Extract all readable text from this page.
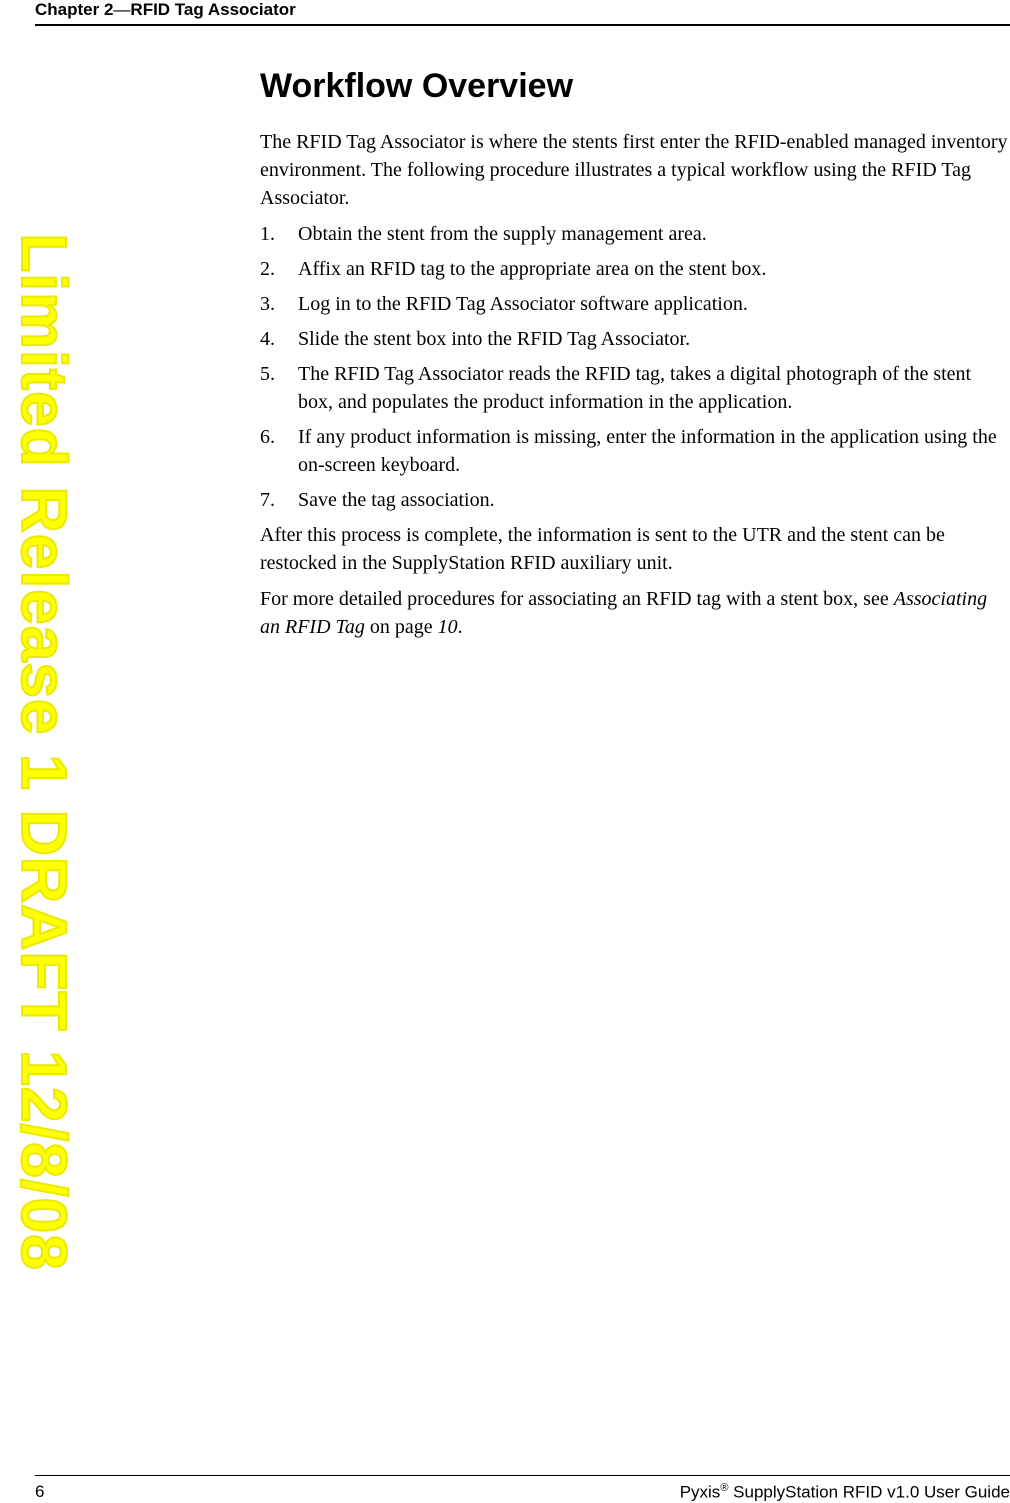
Chapter 2—RFID Tag Associator
Limited Release 1 DRAFT 12/8/08
Workflow Overview

The RFID Tag Associator is where the stents first enter the RFID-enabled managed inventory environment. The following procedure illustrates a typical workflow using the RFID Tag Associator.

1. Obtain the stent from the supply management area.
2. Affix an RFID tag to the appropriate area on the stent box.
3. Log in to the RFID Tag Associator software application.
4. Slide the stent box into the RFID Tag Associator.
5. The RFID Tag Associator reads the RFID tag, takes a digital photograph of the stent box, and populates the product information in the application.
6. If any product information is missing, enter the information in the application using the on-screen keyboard.
7. Save the tag association.

After this process is complete, the information is sent to the UTR and the stent can be restocked in the SupplyStation RFID auxiliary unit.

For more detailed procedures for associating an RFID tag with a stent box, see Associating an RFID Tag on page 10.

6	Pyxis® SupplyStation RFID v1.0 User Guide
